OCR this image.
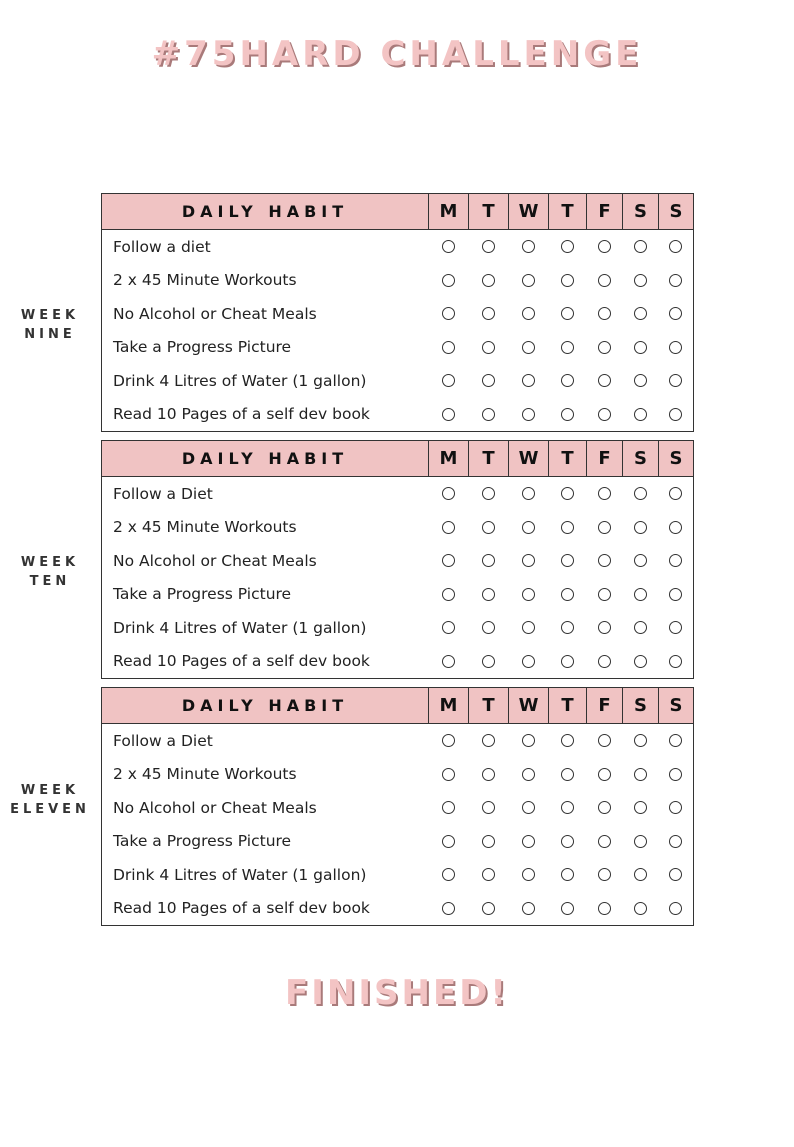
#75HARD CHALLENGE
WEEK
NINE
DAILY HABIT	M	T	W	T	F	S	S
Follow a diet							
2 x 45 Minute Workouts							
No Alcohol or Cheat Meals							
Take a Progress Picture							
Drink 4 Litres of Water (1 gallon)							
Read 10 Pages of a self dev book							
WEEK
TEN
DAILY HABIT	M	T	W	T	F	S	S
Follow a Diet							
2 x 45 Minute Workouts							
No Alcohol or Cheat Meals							
Take a Progress Picture							
Drink 4 Litres of Water (1 gallon)							
Read 10 Pages of a self dev book							
WEEK
ELEVEN
DAILY HABIT	M	T	W	T	F	S	S
Follow a Diet							
2 x 45 Minute Workouts							
No Alcohol or Cheat Meals							
Take a Progress Picture							
Drink 4 Litres of Water (1 gallon)							
Read 10 Pages of a self dev book							
FINISHED!
